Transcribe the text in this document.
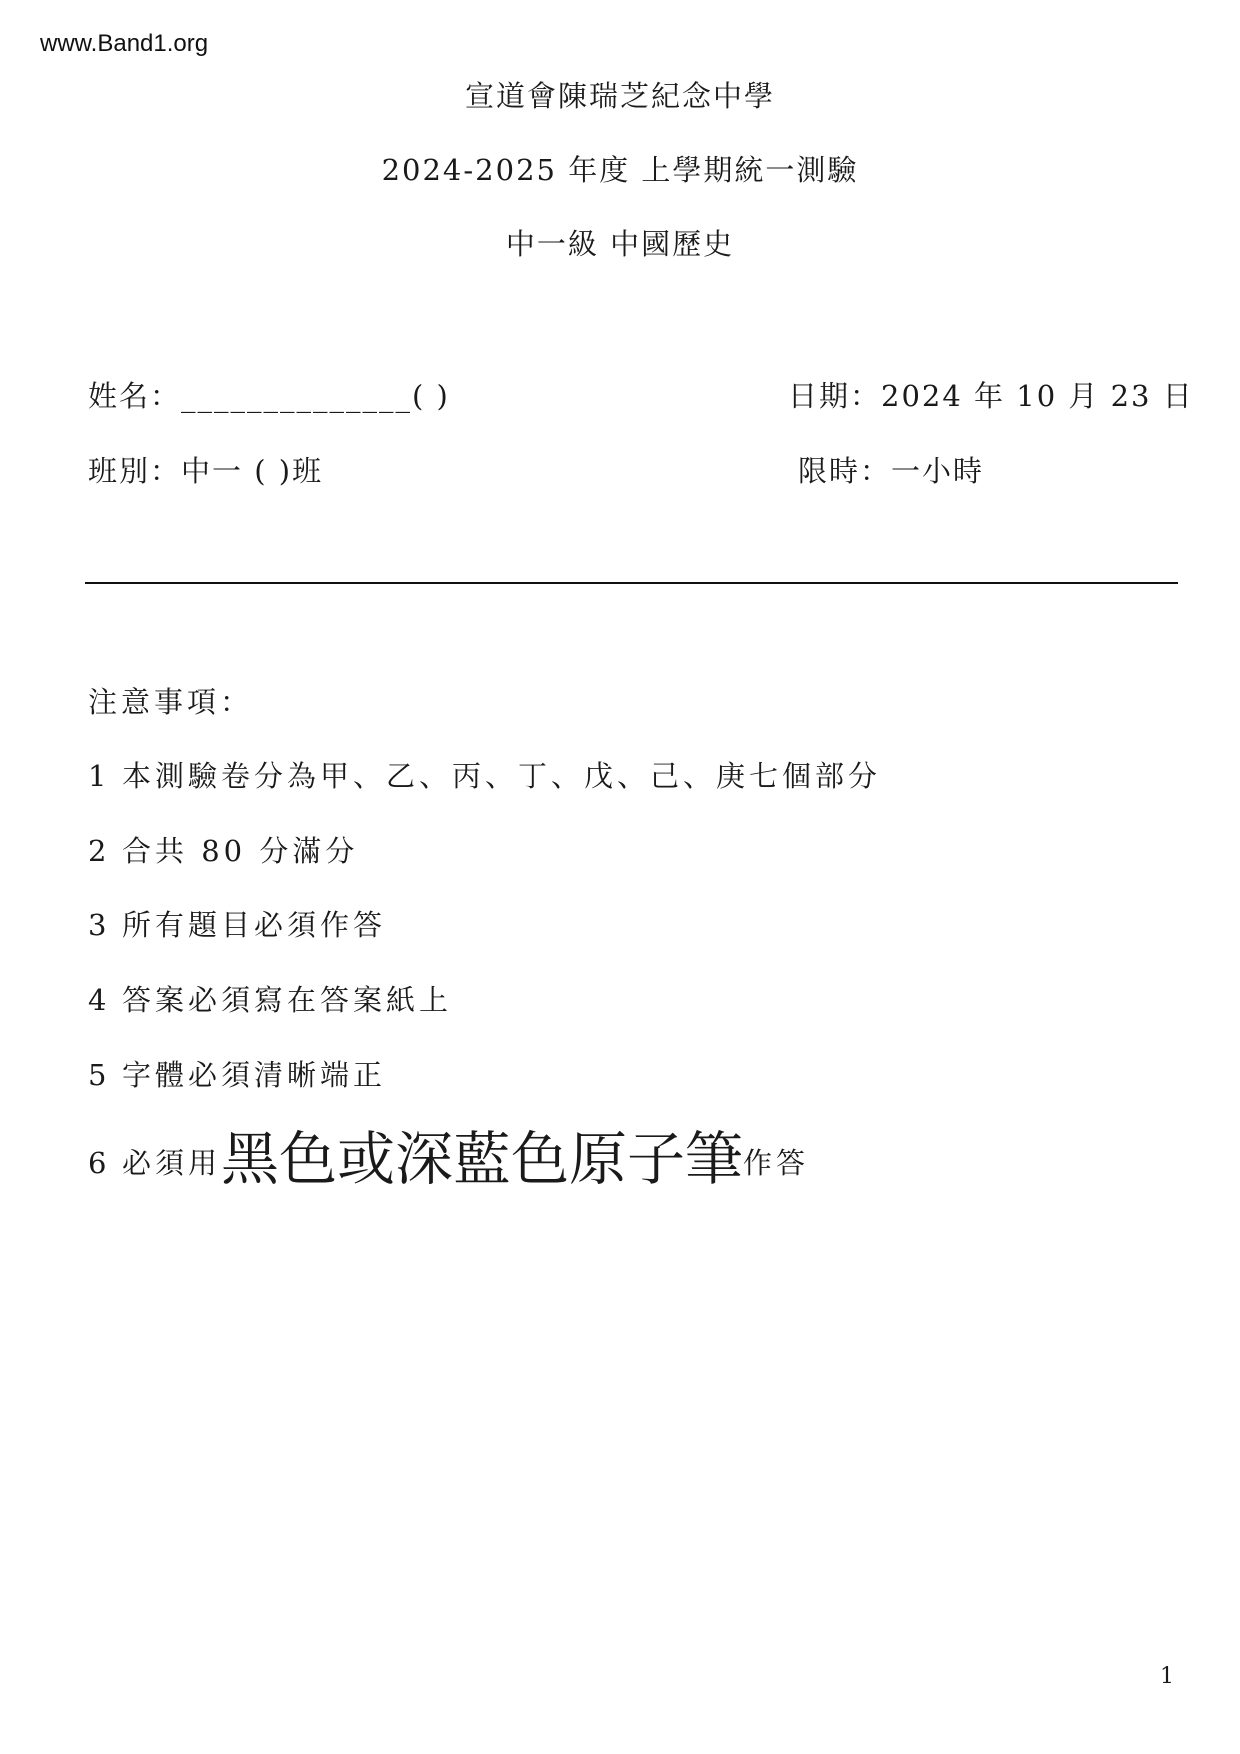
www.Band1.org
宣道會陳瑞芝紀念中學
2024-2025 年度 上學期統一測驗
中一級 中國歷史
姓名：______________( )	日期：2024 年 10 月 23 日
班別：中一 ( )班	限時：一小時
注意事項：
1 本測驗卷分為甲、乙、丙、丁、戊、己、庚七個部分
2 合共 80 分滿分
3 所有題目必須作答
4 答案必須寫在答案紙上
5 字體必須清晰端正
6 必須用黑色或深藍色原子筆作答
1
